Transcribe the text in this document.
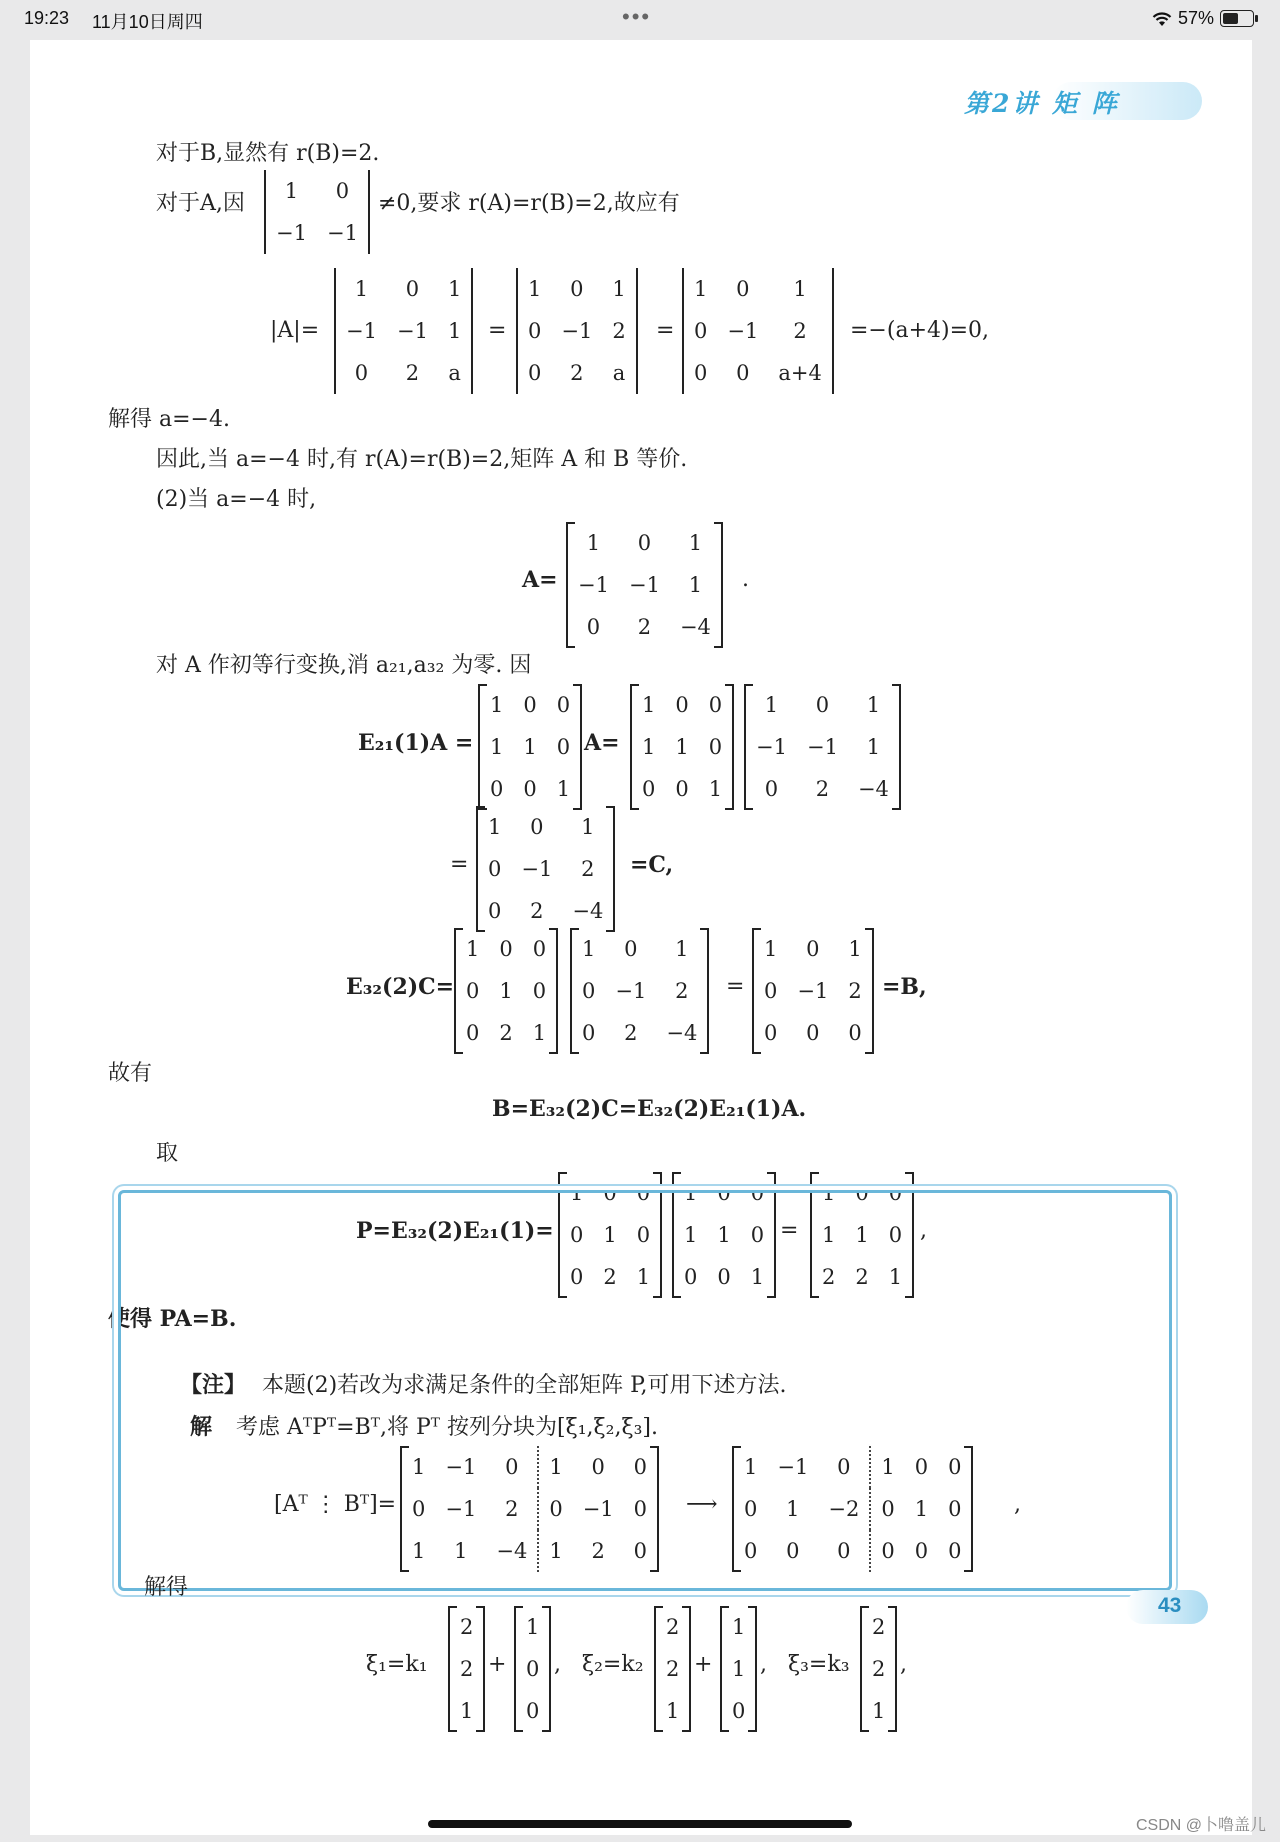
19:23 11月10日周四	•••	57%
第2讲 矩 阵
对于B,显然有 r(B)=2.
对于A,因 1	0
−1	−1
≠0,要求 r(A)=r(B)=2,故应有
|A|=
1	0	1
−1	−1	1
0	2	a
=
1	0	1
0	−1	2
0	2	a
=
1	0	1
0	−1	2
0	0	a+4
=−(a+4)=0,
解得 a=−4.
因此,当 a=−4 时,有 r(A)=r(B)=2,矩阵 A 和 B 等价.
(2)当 a=−4 时,
A=
1	0	1
−1	−1	1
0	2	−4
.
对 A 作初等行变换,消 a₂₁,a₃₂ 为零. 因
E₂₁(1)A =
1	0	0
1	1	0
0	0	1
A=
1	0	0
1	1	0
0	0	1
1	0	1
−1	−1	1
0	2	−4
=
1	0	1
0	−1	2
0	2	−4
=C,
E₃₂(2)C=
1	0	0
0	1	0
0	2	1
1	0	1
0	−1	2
0	2	−4
=
1	0	1
0	−1	2
0	0	0
=B,
故有
B=E₃₂(2)C=E₃₂(2)E₂₁(1)A.
取
P=E₃₂(2)E₂₁(1)=
1	0	0
0	1	0
0	2	1
1	0	0
1	1	0
0	0	1
=
1	0	0
1	1	0
2	2	1
,
使得 PA=B.
【注】 本题(2)若改为求满足条件的全部矩阵 P,可用下述方法.
解 考虑 AᵀPᵀ=Bᵀ,将 Pᵀ 按列分块为[ξ₁,ξ₂,ξ₃].
[Aᵀ ⋮ Bᵀ]=
1	−1	0	1	0	0
0	−1	2	0	−1	0
1	1	−4	1	2	0
⟶
1	−1	0	1	0	0
0	1	−2	0	1	0
0	0	0	0	0	0
,
解得
ξ₁=k₁
2
2
1
+
1
0
0
, ξ₂=k₂
2
2
1
+
1
1
0
, ξ₃=k₃
2
2
1
,
43
CSDN @卜噜盖儿
